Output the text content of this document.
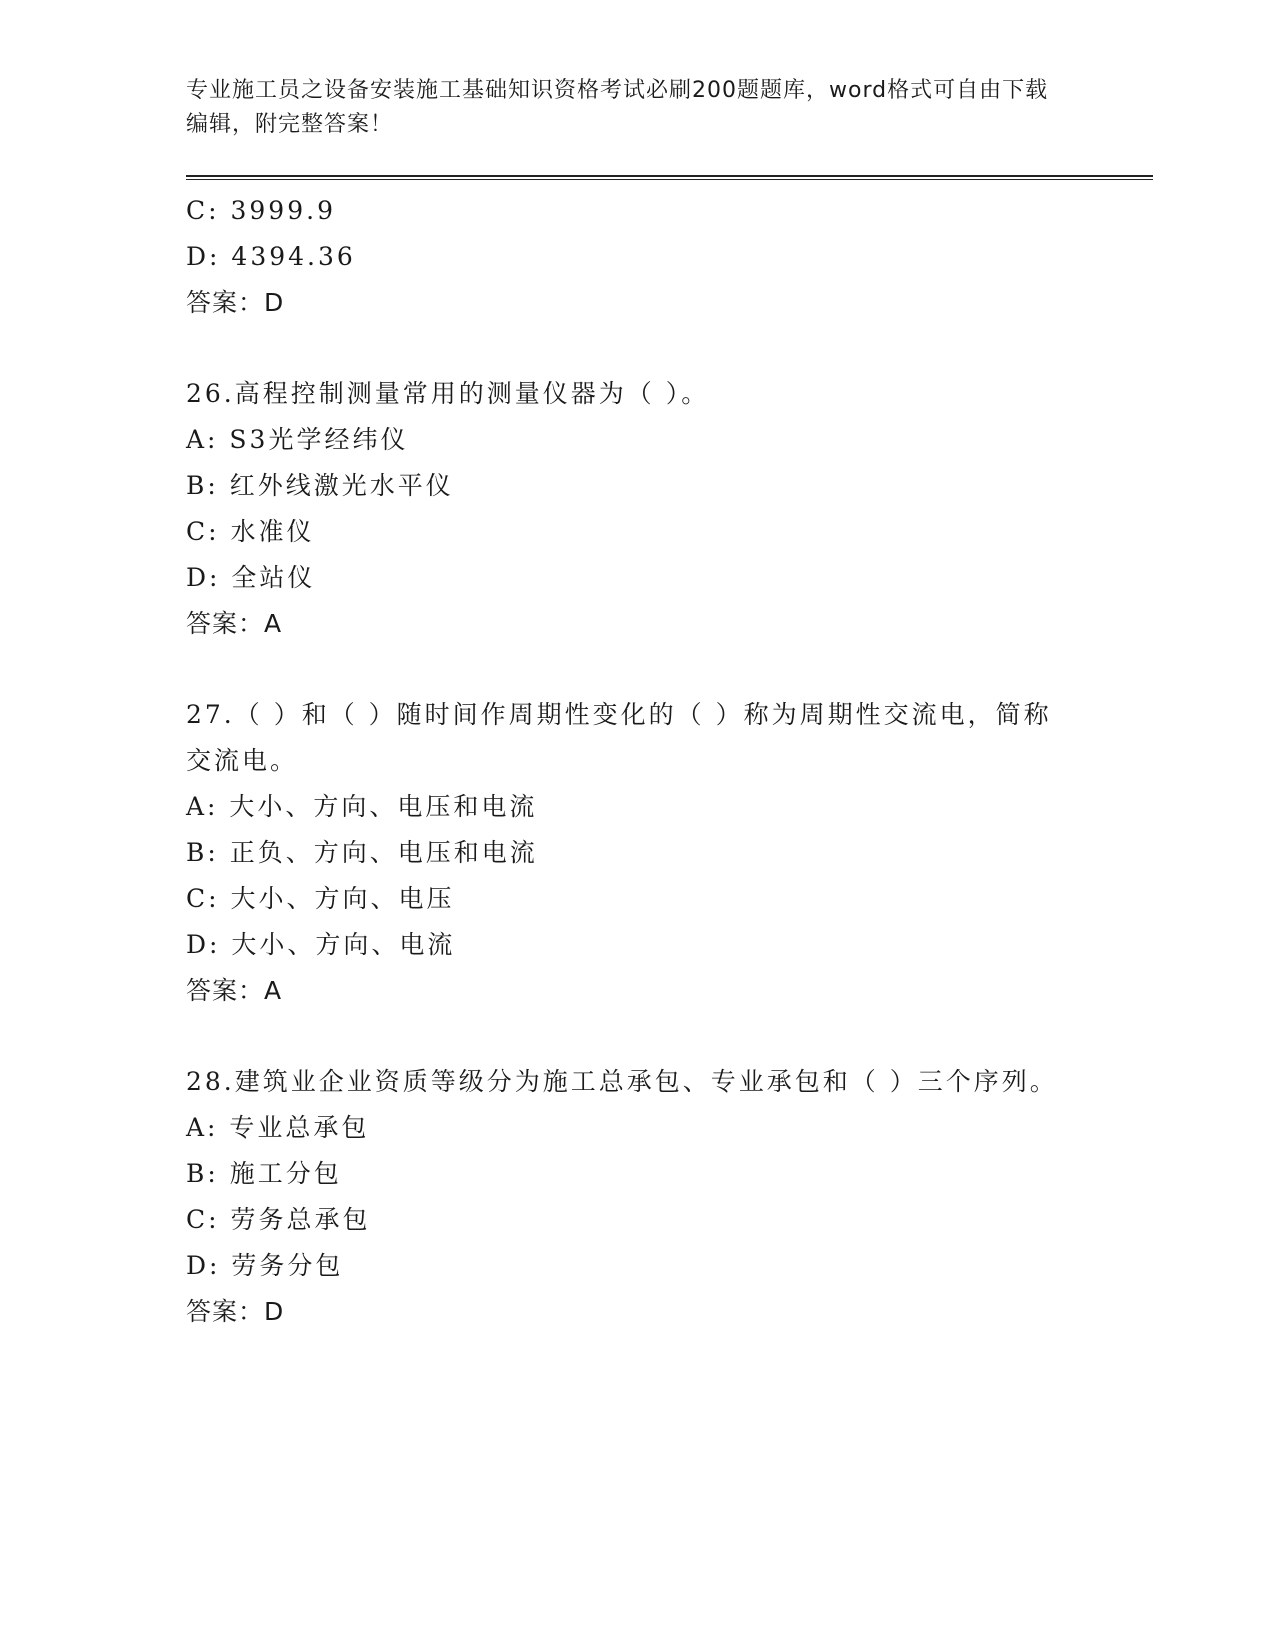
专业施工员之设备安装施工基础知识资格考试必刷200题题库，word格式可自由下载编辑，附完整答案！

C: 3999.9
D: 4394.36
答案：D

26.高程控制测量常用的测量仪器为（ ）。

A: S3光学经纬仪
B: 红外线激光水平仪
C: 水准仪
D: 全站仪
答案：A

27.（ ）和（ ）随时间作周期性变化的（ ）称为周期性交流电，简称交流电。

A: 大小、方向、电压和电流
B: 正负、方向、电压和电流
C: 大小、方向、电压
D: 大小、方向、电流
答案：A

28.建筑业企业资质等级分为施工总承包、专业承包和（ ）三个序列。

A: 专业总承包
B: 施工分包
C: 劳务总承包
D: 劳务分包
答案：D
